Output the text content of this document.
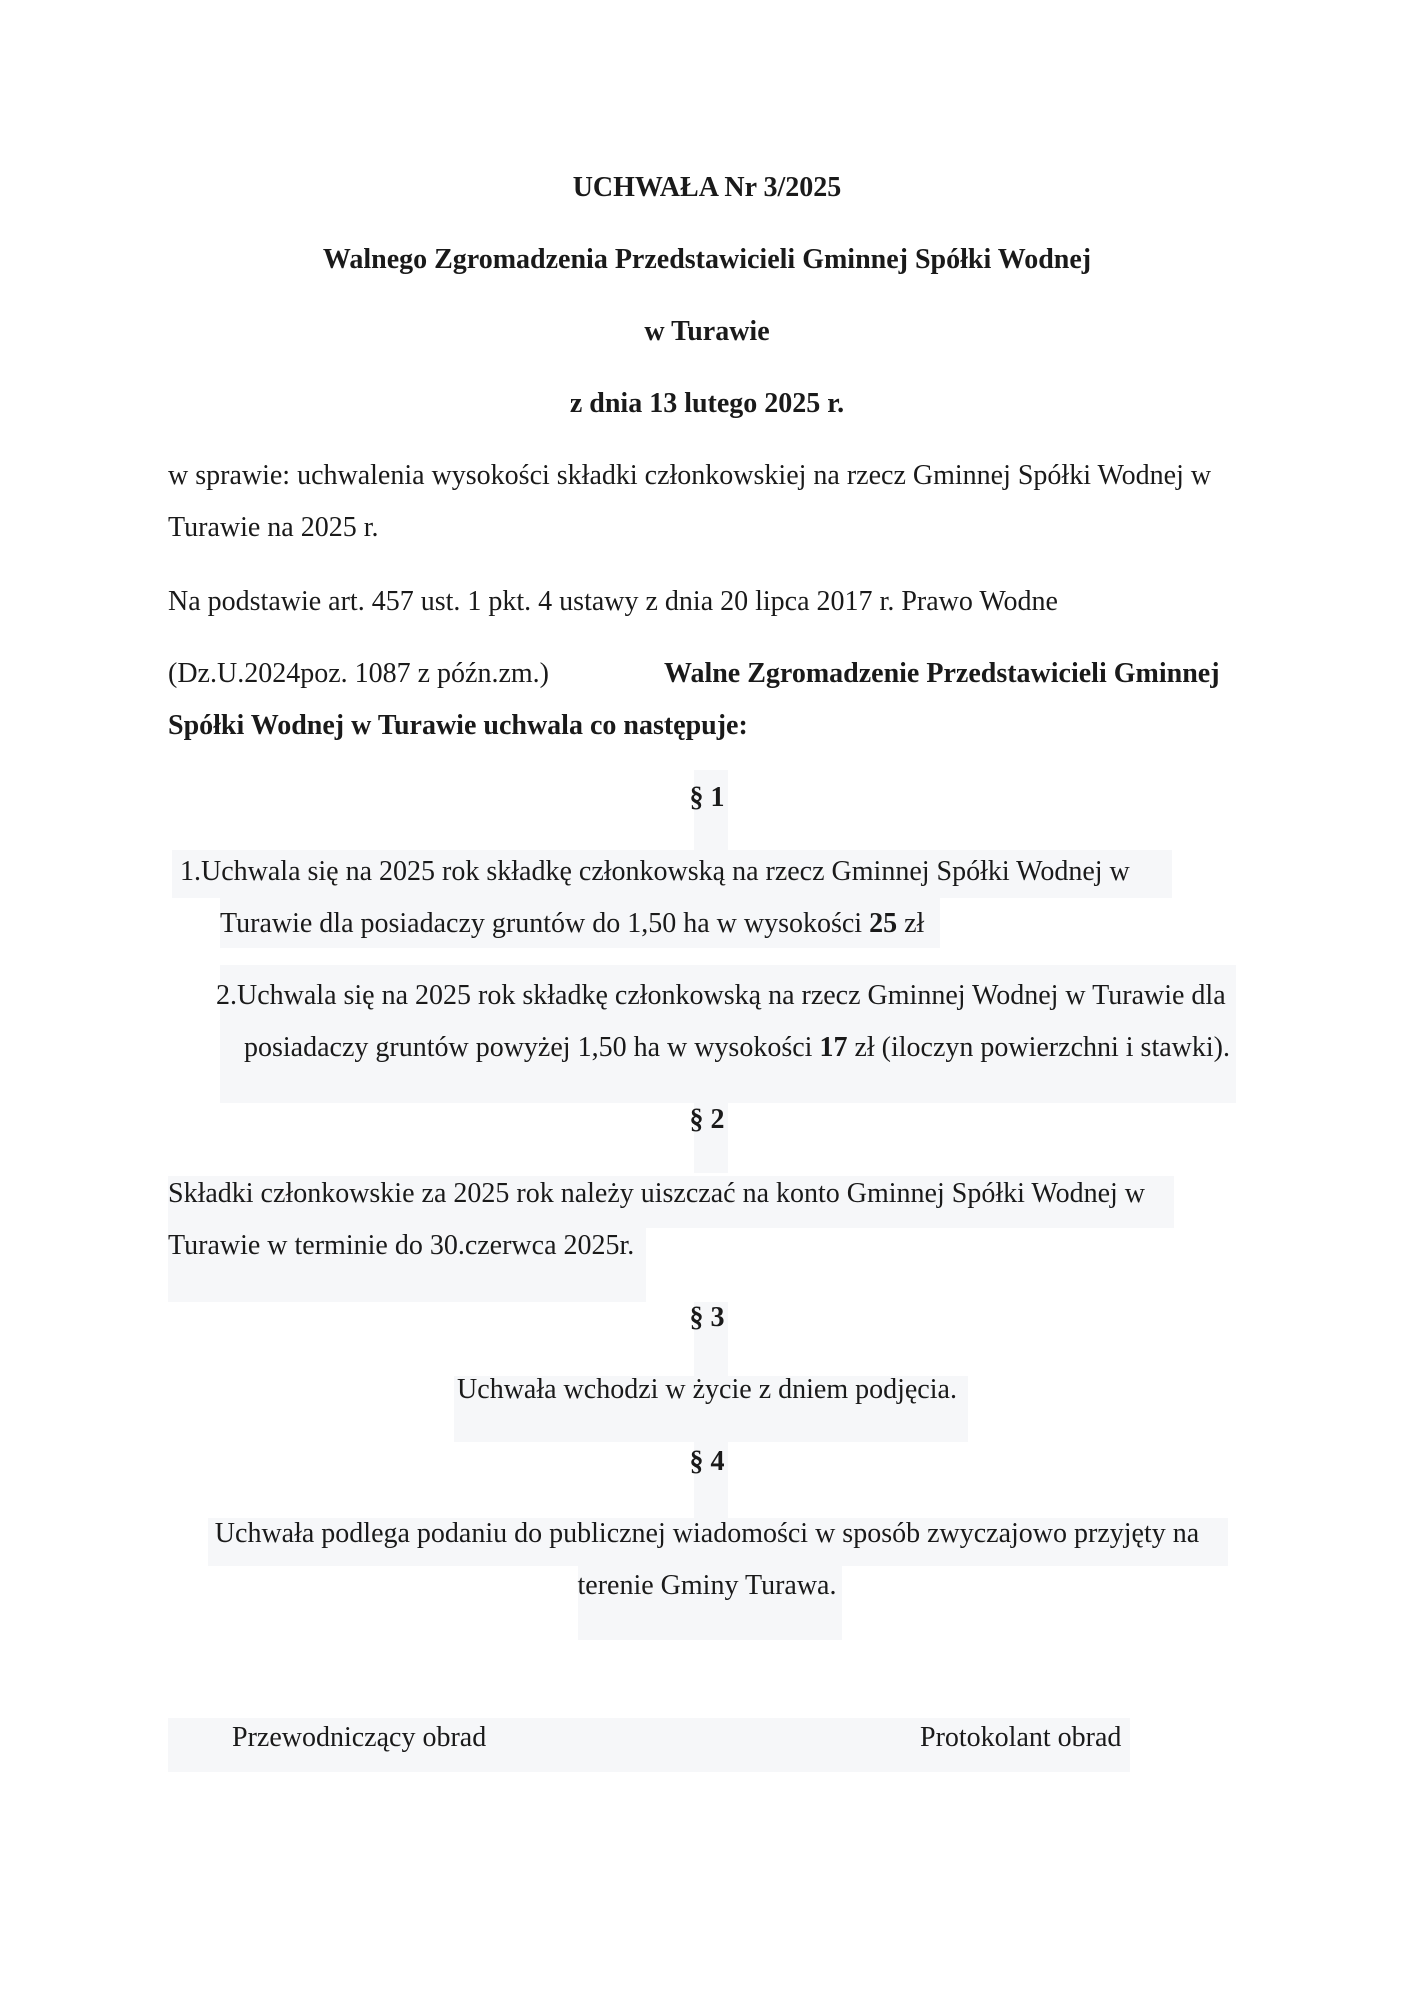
UCHWAŁA Nr 3/2025
Walnego Zgromadzenia Przedstawicieli Gminnej Spółki Wodnej
w Turawie
z dnia 13 lutego 2025 r.
w sprawie: uchwalenia wysokości składki członkowskiej na rzecz Gminnej Spółki Wodnej w
Turawie na 2025 r.
Na podstawie art. 457 ust. 1 pkt. 4 ustawy z dnia 20 lipca 2017 r. Prawo Wodne
(Dz.U.2024poz. 1087 z późn.zm.)	Walne Zgromadzenie Przedstawicieli Gminnej
Spółki Wodnej w Turawie uchwala co następuje:
§ 1
1.Uchwala się na 2025 rok składkę członkowską na rzecz Gminnej Spółki Wodnej w
Turawie dla posiadaczy gruntów do 1,50 ha w wysokości 25 zł
2.Uchwala się na 2025 rok składkę członkowską na rzecz Gminnej Wodnej w Turawie dla
posiadaczy gruntów powyżej 1,50 ha w wysokości 17 zł (iloczyn powierzchni i stawki).
§ 2
Składki członkowskie za 2025 rok należy uiszczać na konto Gminnej Spółki Wodnej w
Turawie w terminie do 30.czerwca 2025r.
§ 3
Uchwała wchodzi w życie z dniem podjęcia.
§ 4
Uchwała podlega podaniu do publicznej wiadomości w sposób zwyczajowo przyjęty na
terenie Gminy Turawa.
Przewodniczący obrad	Protokolant obrad
